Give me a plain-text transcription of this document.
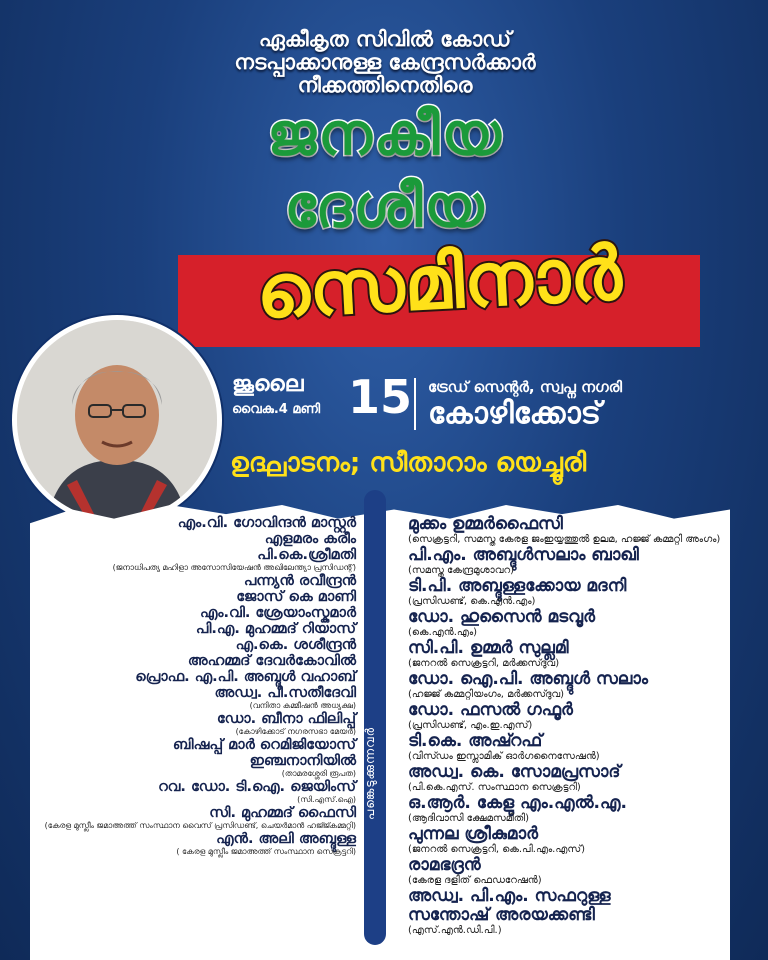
ഏകീകൃത സിവിൽ കോഡ്
നടപ്പാക്കാനുള്ള കേന്ദ്രസർക്കാർ
നീക്കത്തിനെതിരെ
ജനകീയ
ദേശീയ
സെമിനാർ
ജൂലൈ
വൈകു.4 മണി 15 ട്രേഡ് സെന്റർ, സ്വപ്ന നഗരി
കോഴിക്കോട്
ഉദ്ഘാടനം; സീതാറാം യെച്ചൂരി
പങ്കെടുക്കുന്നവർ
എം.വി. ഗോവിന്ദൻ മാസ്റ്റർ
എളമരം കരീം
പി.കെ.ശ്രീമതി
(ജനാധിപത്യ മഹിളാ അസോസിയേഷൻ അഖിലേന്ത്യാ പ്രസിഡന്റ്)
പന്ന്യൻ രവീന്ദ്രൻ
ജോസ് കെ മാണി
എം.വി. ശ്രേയാംസ്കുമാർ
പി.എ. മുഹമ്മദ് റിയാസ്
എ.കെ. ശശീന്ദ്രൻ
അഹമ്മദ് ദേവർകോവിൽ
പ്രൊഫ. എ.പി. അബ്ദുൾ വഹാബ്
അഡ്വ. പി.സതീദേവി
(വനിതാ കമ്മീഷൻ അധ്യക്ഷ)
ഡോ. ബീനാ ഫിലിപ്പ്
(കോഴിക്കോട് നഗരസഭാ മേയർ)
ബിഷപ്പ് മാർ റെമിജിയോസ്
ഇഞ്ചനാനിയിൽ
(താമരശ്ശേരി രൂപത)
റവ. ഡോ. ടി.ഐ. ജെയിംസ്
(സി.എസ്.ഐ)
സി. മുഹമ്മദ് ഫൈസി
(കേരള മുസ്ലീം ജമാഅത്ത് സംസ്ഥാന വൈസ് പ്രസിഡണ്ട്, ചെയർമാൻ ഹജ്ജ്കമ്മറ്റി)
എൻ. അലി അബ്ദുള്ള
( കേരള മുസ്ലീം ജമാഅത്ത് സംസ്ഥാന സെക്രട്ടറി)
മുക്കം ഉമ്മർഫൈസി
(സെക്രട്ടറി, സമസ്ത കേരള ജംഇയ്യത്തുൽ ഉലമ, ഹജ്ജ് കമ്മറ്റി അംഗം)
പി.എം. അബ്ദുൾസലാം ബാഖി
(സമസ്ത കേന്ദ്രമുശാവറ)
ടി.പി. അബ്ദുള്ളക്കോയ മദനി
(പ്രസിഡണ്ട്, കെ.എൻ.എം)
ഡോ. ഹുസൈൻ മടവൂർ
(കെ.എൻ.എം)
സി.പി. ഉമ്മർ സുല്ലമി
(ജനറൽ സെക്രട്ടറി, മർക്കസ്ദുവ)
ഡോ. ഐ.പി. അബ്ദുൾ സലാം
(ഹജ്ജ് കമ്മറ്റിയംഗം, മർക്കസ്ദുവ)
ഡോ. ഫസൽ ഗഫൂർ
(പ്രസിഡണ്ട്, എം.ഇ.എസ്)
ടി.കെ. അഷ്റഫ്
(വിസ്ഡം ഇസ്ലാമിക് ഓർഗനൈസേഷൻ)
അഡ്വ. കെ. സോമപ്രസാദ്
(പി.കെ.എസ്. സംസ്ഥാന സെക്രട്ടറി)
ഒ.ആർ. കേളു എം.എൽ.എ.
(ആദിവാസി ക്ഷേമസമിതി)
പുന്നല ശ്രീകുമാർ
(ജനറൽ സെക്രട്ടറി, കെ.പി.എം.എസ്)
രാമഭദ്രൻ
(കേരള ദളിത് ഫെഡറേഷൻ)
അഡ്വ. പി.എം. സഫറുള്ള
സന്തോഷ് അരയക്കണ്ടി
(എസ്.എൻ.ഡി.പി.)
